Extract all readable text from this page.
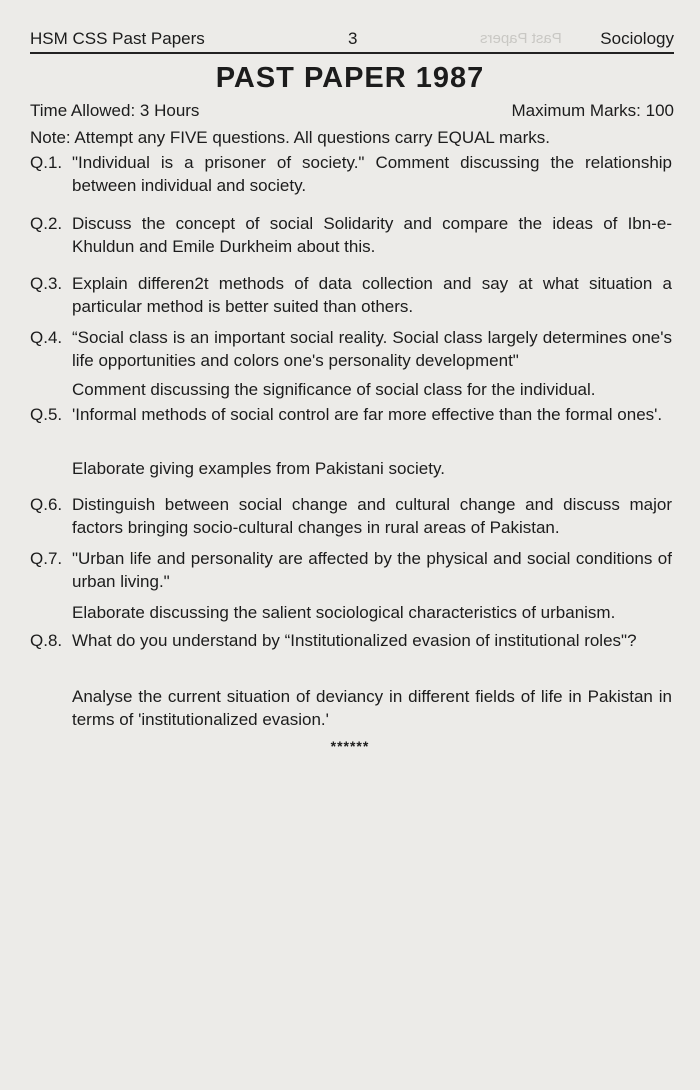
Past Papers
HSM CSS Past Papers	3	Sociology
PAST PAPER 1987
Time Allowed: 3 Hours	Maximum Marks: 100
Note: Attempt any FIVE questions. All questions carry EQUAL marks.
Q.1. "Individual is a prisoner of society." Comment discussing the relationship between individual and society.
Q.2. Discuss the concept of social Solidarity and compare the ideas of Ibn-e-Khuldun and Emile Durkheim about this.
Q.3. Explain differen2t methods of data collection and say at what situation a particular method is better suited than others.
Q.4. “Social class is an important social reality. Social class largely determines one's life opportunities and colors one's personality development"
Comment discussing the significance of social class for the individual.
Q.5. 'Informal methods of social control are far more effective than the formal ones'.
Elaborate giving examples from Pakistani society.
Q.6. Distinguish between social change and cultural change and discuss major factors bringing socio-cultural changes in rural areas of Pakistan.
Q.7. "Urban life and personality are affected by the physical and social conditions of urban living."
Elaborate discussing the salient sociological characteristics of urbanism.
Q.8. What do you understand by “Institutionalized evasion of institutional roles"?
Analyse the current situation of deviancy in different fields of life in Pakistan in terms of 'institutionalized evasion.'
******
